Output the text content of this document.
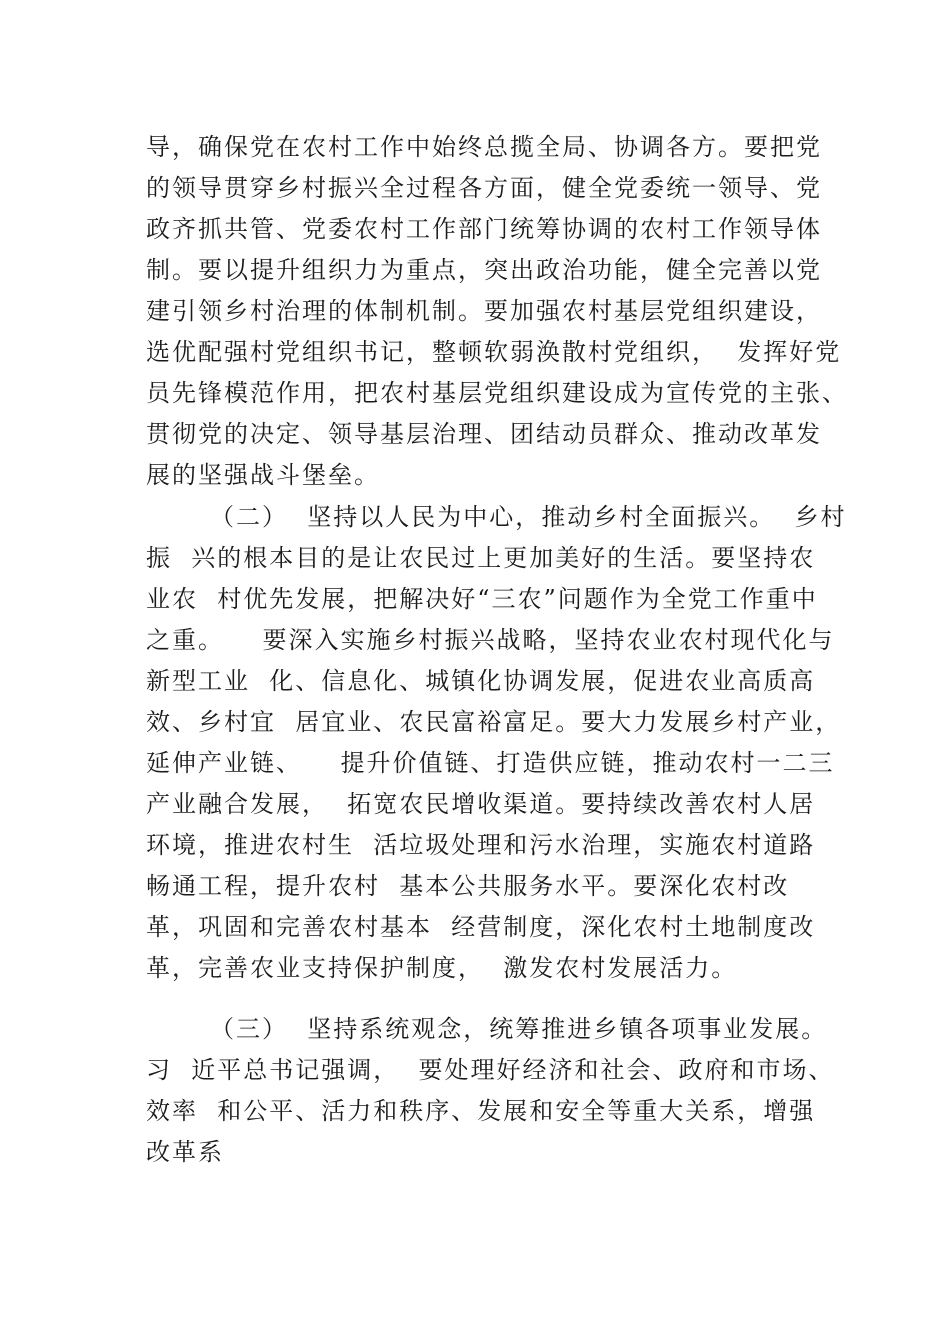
导，确保党在农村工作中始终总揽全局、协调各方。要把党
的领导贯穿乡村振兴全过程各方面，健全党委统一领导、党
政齐抓共管、党委农村工作部门统筹协调的农村工作领导体
制。要以提升组织力为重点，突出政治功能，健全完善以党
建引领乡村治理的体制机制。要加强农村基层党组织建设，
选优配强村党组织书记，整顿软弱涣散村党组织，  发挥好党
员先锋模范作用，把农村基层党组织建设成为宣传党的主张、
贯彻党的决定、领导基层治理、团结动员群众、推动改革发
展的坚强战斗堡垒。
（二）  坚持以人民为中心，推动乡村全面振兴。  乡村
振  兴的根本目的是让农民过上更加美好的生活。要坚持农
业农  村优先发展，把解决好“三农”问题作为全党工作重中
之重。    要深入实施乡村振兴战略，坚持农业农村现代化与
新型工业  化、信息化、城镇化协调发展，促进农业高质高
效、乡村宜  居宜业、农民富裕富足。要大力发展乡村产业，
延伸产业链、    提升价值链、打造供应链，推动农村一二三
产业融合发展，  拓宽农民增收渠道。要持续改善农村人居
环境，推进农村生  活垃圾处理和污水治理，实施农村道路
畅通工程，提升农村  基本公共服务水平。要深化农村改
革，巩固和完善农村基本  经营制度，深化农村土地制度改
革，完善农业支持保护制度，  激发农村发展活力。
（三）  坚持系统观念，统筹推进乡镇各项事业发展。
习  近平总书记强调，  要处理好经济和社会、政府和市场、
效率  和公平、活力和秩序、发展和安全等重大关系，增强
改革系
